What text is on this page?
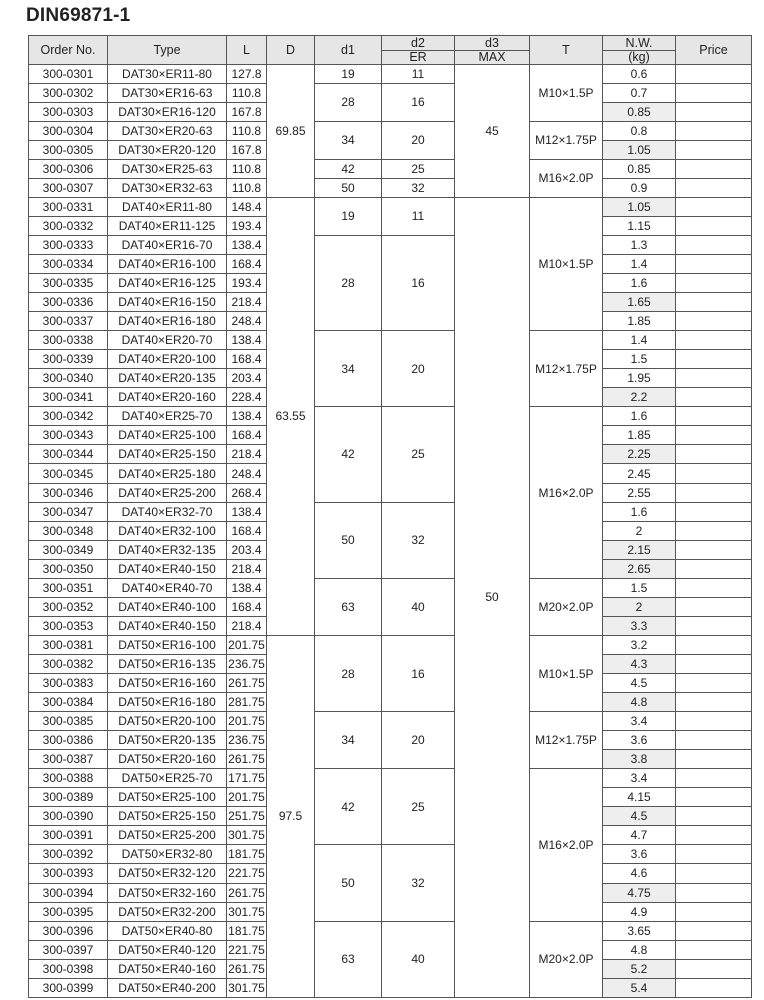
DIN69871-1
Order No.	Type	L	D	d1	d2	d3	T	N.W.	Price
					ER	MAX		(kg)	
300-0301	DAT30×ER11-80	127.8	69.85	19	11	45	M10×1.5P	0.6	
300-0302	DAT30×ER16-63	110.8		28	16			0.7	
300-0303	DAT30×ER16-120	167.8						0.85	
300-0304	DAT30×ER20-63	110.8		34	20		M12×1.75P	0.8	
300-0305	DAT30×ER20-120	167.8						1.05	
300-0306	DAT30×ER25-63	110.8		42	25		M16×2.0P	0.85	
300-0307	DAT30×ER32-63	110.8		50	32			0.9	
300-0331	DAT40×ER11-80	148.4	63.55	19	11	50	M10×1.5P	1.05	
300-0332	DAT40×ER11-125	193.4						1.15	
300-0333	DAT40×ER16-70	138.4		28	16			1.3	
300-0334	DAT40×ER16-100	168.4						1.4	
300-0335	DAT40×ER16-125	193.4						1.6	
300-0336	DAT40×ER16-150	218.4						1.65	
300-0337	DAT40×ER16-180	248.4						1.85	
300-0338	DAT40×ER20-70	138.4		34	20		M12×1.75P	1.4	
300-0339	DAT40×ER20-100	168.4						1.5	
300-0340	DAT40×ER20-135	203.4						1.95	
300-0341	DAT40×ER20-160	228.4						2.2	
300-0342	DAT40×ER25-70	138.4		42	25		M16×2.0P	1.6	
300-0343	DAT40×ER25-100	168.4						1.85	
300-0344	DAT40×ER25-150	218.4						2.25	
300-0345	DAT40×ER25-180	248.4						2.45	
300-0346	DAT40×ER25-200	268.4						2.55	
300-0347	DAT40×ER32-70	138.4		50	32			1.6	
300-0348	DAT40×ER32-100	168.4						2	
300-0349	DAT40×ER32-135	203.4						2.15	
300-0350	DAT40×ER40-150	218.4						2.65	
300-0351	DAT40×ER40-70	138.4		63	40		M20×2.0P	1.5	
300-0352	DAT40×ER40-100	168.4						2	
300-0353	DAT40×ER40-150	218.4						3.3	
300-0381	DAT50×ER16-100	201.75	97.5	28	16		M10×1.5P	3.2	
300-0382	DAT50×ER16-135	236.75						4.3	
300-0383	DAT50×ER16-160	261.75						4.5	
300-0384	DAT50×ER16-180	281.75						4.8	
300-0385	DAT50×ER20-100	201.75		34	20		M12×1.75P	3.4	
300-0386	DAT50×ER20-135	236.75						3.6	
300-0387	DAT50×ER20-160	261.75						3.8	
300-0388	DAT50×ER25-70	171.75		42	25		M16×2.0P	3.4	
300-0389	DAT50×ER25-100	201.75						4.15	
300-0390	DAT50×ER25-150	251.75						4.5	
300-0391	DAT50×ER25-200	301.75						4.7	
300-0392	DAT50×ER32-80	181.75		50	32			3.6	
300-0393	DAT50×ER32-120	221.75						4.6	
300-0394	DAT50×ER32-160	261.75						4.75	
300-0395	DAT50×ER32-200	301.75						4.9	
300-0396	DAT50×ER40-80	181.75		63	40		M20×2.0P	3.65	
300-0397	DAT50×ER40-120	221.75						4.8	
300-0398	DAT50×ER40-160	261.75						5.2	
300-0399	DAT50×ER40-200	301.75						5.4	
